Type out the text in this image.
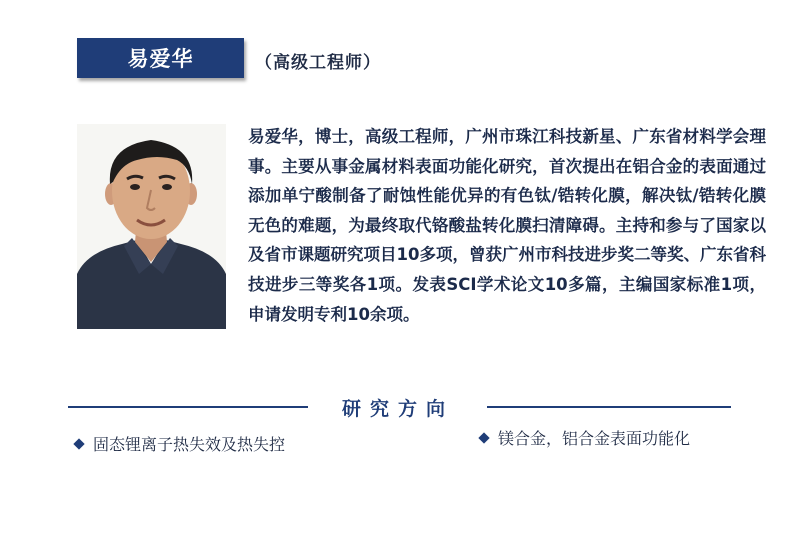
易爱华	（高级工程师）
易爱华，博士，高级工程师，广州市珠江科技新星、广东省材料学会理事。主要从事金属材料表面功能化研究，首次提出在铝合金的表面通过添加单宁酸制备了耐蚀性能优异的有色钛/锆转化膜，解决钛/锆转化膜无色的难题，为最终取代铬酸盐转化膜扫清障碍。主持和参与了国家以及省市课题研究项目10多项，曾获广州市科技进步奖二等奖、广东省科技进步三等奖各1项。发表SCI学术论文10多篇，主编国家标准1项，申请发明专利10余项。
研究方向
固态锂离子热失效及热失控	镁合金，铝合金表面功能化
